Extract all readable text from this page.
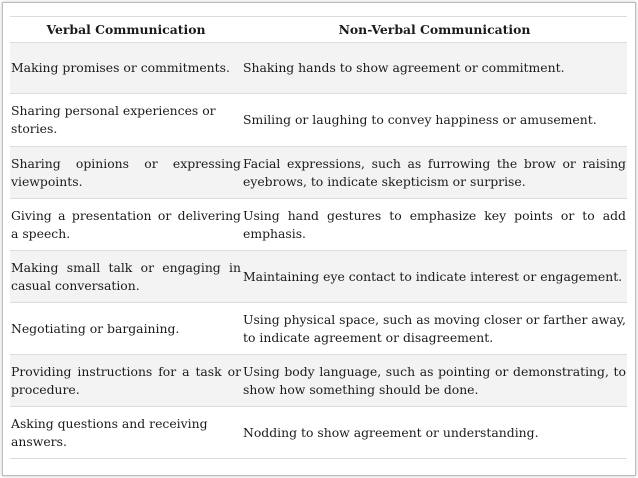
Verbal Communication	Non-Verbal Communication
Making promises or commitments.	Shaking hands to show agreement or commitment.
Sharing personal experiences or stories.	Smiling or laughing to convey happiness or amusement.
Sharing opinions or expressing viewpoints.	Facial expressions, such as furrowing the brow or raising eyebrows, to indicate skepticism or surprise.
Giving a presentation or delivering a speech.	Using hand gestures to emphasize key points or to add emphasis.
Making small talk or engaging in casual conversation.	Maintaining eye contact to indicate interest or engagement.
Negotiating or bargaining.	Using physical space, such as moving closer or farther away, to indicate agreement or disagreement.
Providing instructions for a task or procedure.	Using body language, such as pointing or demonstrating, to show how something should be done.
Asking questions and receiving answers.	Nodding to show agreement or understanding.
